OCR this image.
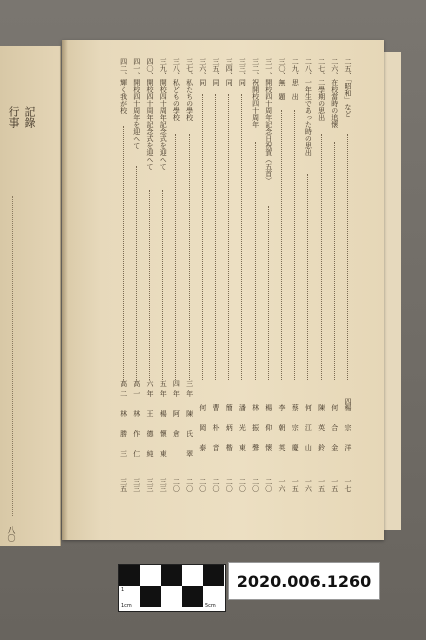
行事 記錄
八〇
四
二五、「昭和」など
楊　宗　洋
一七
二六、在校當時の追懷
何　合　金
一五
二七、二學期の思出
陳　英　鈴
一五
二八、一年生であった時の思出
何　江　山
一六
二九、思　出
蔡　宗　慶
一五
三〇、無　題
李　朝　英
一六
三一、開校四十周年記念日祝賀（五首）
楊　仰　懷
二〇
三二、祝開校四十周年
林　振　聲
二〇
三三、同
潘　光　東
二〇
三四、同
簡　炳　楷
二〇
三五、同
曹　朴　音
二〇
三六、同
何　岡　泰
二〇
三七、私たちの學校
三年　陳　氏　翠
二〇
三八、私どもの學校
四年　阿　倉
二〇
三九、開校四十周年記念式を迎へて
五年　楊　懷　東
三三
四〇、開校四十周年記念式を迎へて
六年　王　德　純
三三
四一、開校四十周年を迎へて
高一　林　作　仁
三三
四二、輝く我が校
高二　林　勝　三
三五
1
1cm	5cm
2020.006.1260
